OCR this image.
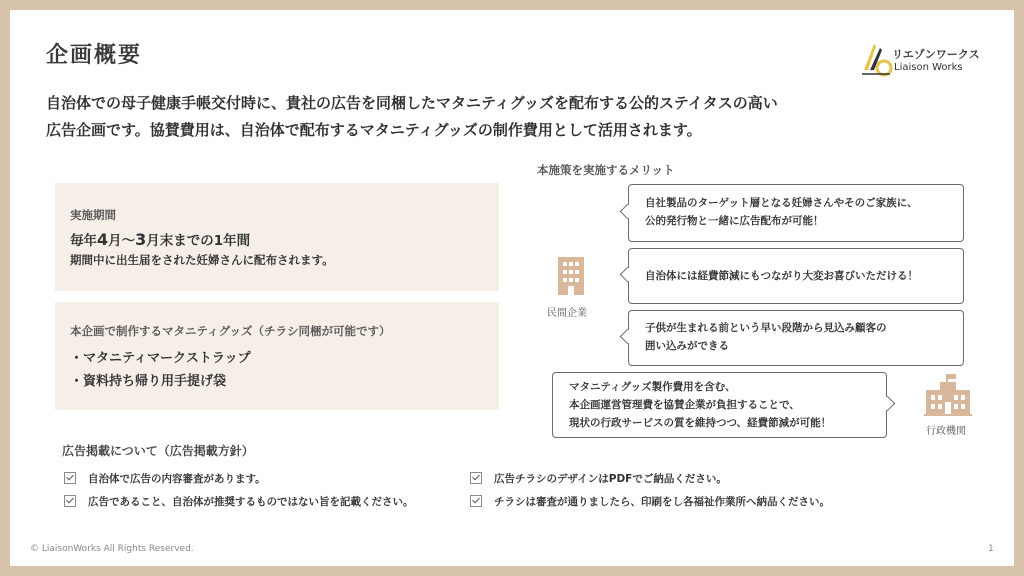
企画概要	リエゾンワークス
Liaison Works
自治体での母子健康手帳交付時に、貴社の広告を同梱したマタニティグッズを配布する公的ステイタスの高い
広告企画です。協賛費用は、自治体で配布するマタニティグッズの制作費用として活用されます。
実施期間
毎年4月～3月末までの1年間
期間中に出生届をされた妊婦さんに配布されます。
本企画で制作するマタニティグッズ（チラシ同梱が可能です）
・マタニティマークストラップ
・資料持ち帰り用手提げ袋
広告掲載について（広告掲載方針）
自治体で広告の内容審査があります。
広告であること、自治体が推奨するものではない旨を記載ください。
広告チラシのデザインはPDFでご納品ください。
チラシは審査が通りましたら、印刷をし各福祉作業所へ納品ください。
本施策を実施するメリット
自社製品のターゲット層となる妊婦さんやそのご家族に、
公的発行物と一緒に広告配布が可能！
自治体には経費節減にもつながり大変お喜びいただける！
子供が生まれる前という早い段階から見込み顧客の
囲い込みができる
マタニティグッズ製作費用を含む、
本企画運営管理費を協賛企業が負担することで、
現状の行政サービスの質を維持つつ、経費節減が可能！
民間企業
行政機関
© LiaisonWorks All Rights Reserved.	1
